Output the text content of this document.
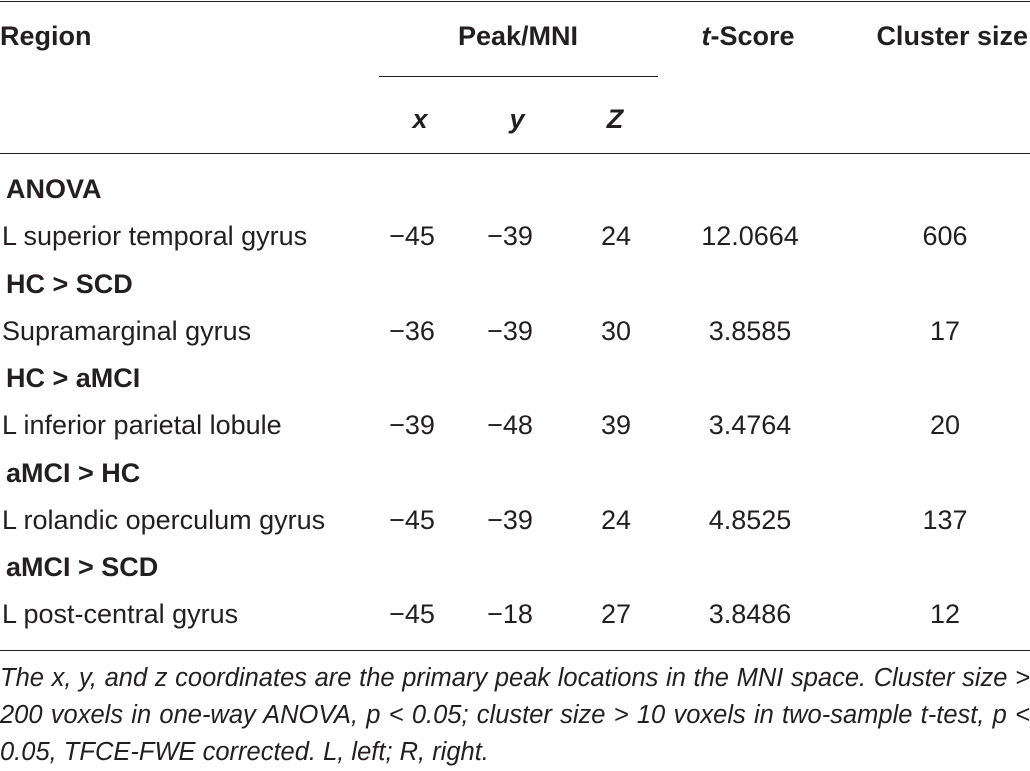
Region	Peak/MNI	t-Score	Cluster size
x	y	Z
ANOVA
L superior temporal gyrus	−45 −39	24	12.0664	606
HC > SCD
Supramarginal gyrus	−36 −39	30	3.8585	17
HC > aMCI
L inferior parietal lobule	−39 −48	39	3.4764	20
aMCI > HC
L rolandic operculum gyrus −45 −39	24	4.8525	137
aMCI > SCD
L post-central gyrus	−45 −18	27	3.8486	12
The x, y, and z coordinates are the primary peak locations in the MNI space. Cluster size > 200 voxels in one-way ANOVA, p < 0.05; cluster size > 10 voxels in two-sample t-test, p < 0.05, TFCE-FWE corrected. L, left; R, right.
